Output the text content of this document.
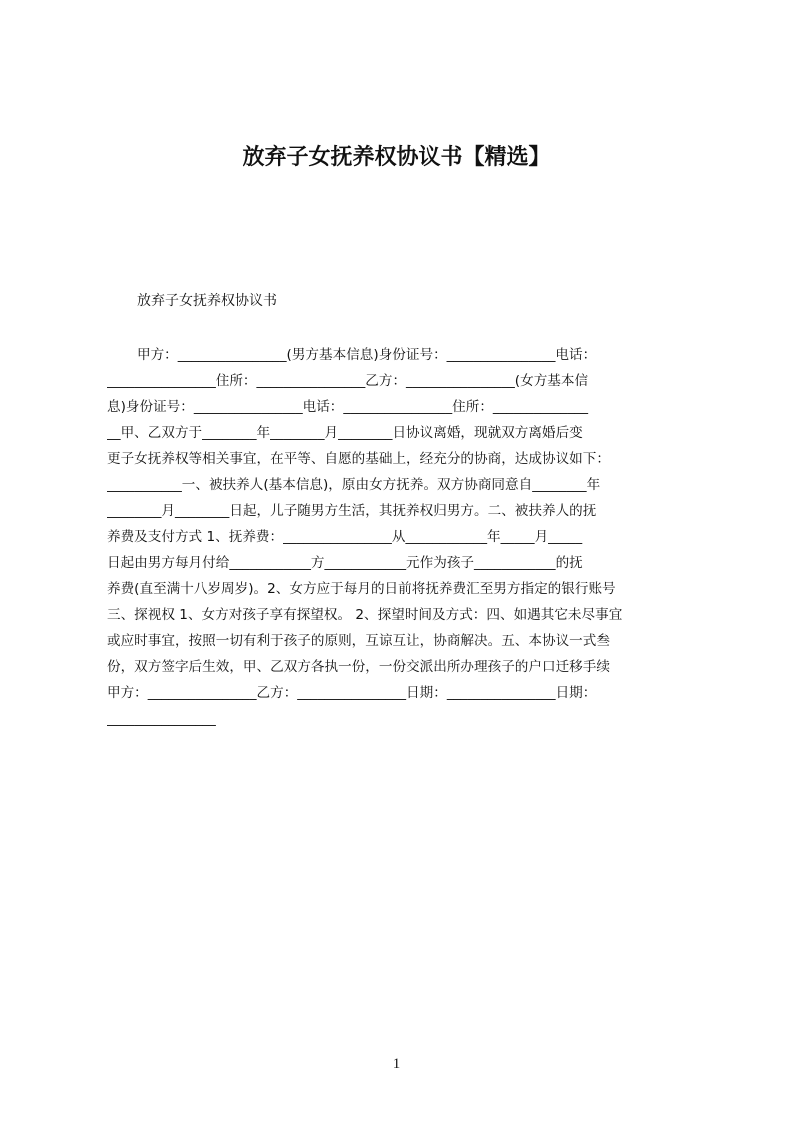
放弃子女抚养权协议书【精选】
放弃子女抚养权协议书
甲方：________________(男方基本信息)身份证号：________________电话：
________________住所：________________乙方：________________(女方基本信
息)身份证号：________________电话：________________住所：______________
__甲、乙双方于________年________月________日协议离婚，现就双方离婚后变
更子女抚养权等相关事宜，在平等、自愿的基础上，经充分的协商，达成协议如下：
___________一、被扶养人(基本信息)，原由女方抚养。双方协商同意自________年
________月________日起，儿子随男方生活，其抚养权归男方。二、被扶养人的抚
养费及支付方式 1、抚养费：________________从____________年_____月_____
日起由男方每月付给____________方____________元作为孩子____________的抚
养费(直至满十八岁周岁)。2、女方应于每月的日前将抚养费汇至男方指定的银行账号
三、探视权 1、女方对孩子享有探望权。 2、探望时间及方式：四、如遇其它未尽事宜
或应时事宜，按照一切有利于孩子的原则，互谅互让，协商解决。五、本协议一式叁
份，双方签字后生效，甲、乙双方各执一份，一份交派出所办理孩子的户口迁移手续
甲方：________________乙方：________________日期：________________日期：
________________
1
